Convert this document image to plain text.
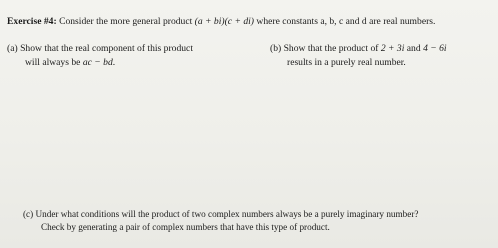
Exercise #4: Consider the more general product (a + bi)(c + di) where constants a, b, c and d are real numbers.
(a) Show that the real component of this product
will always be ac − bd.
(b) Show that the product of 2 + 3i and 4 − 6i
results in a purely real number.
(c) Under what conditions will the product of two complex numbers always be a purely imaginary number?
Check by generating a pair of complex numbers that have this type of product.
